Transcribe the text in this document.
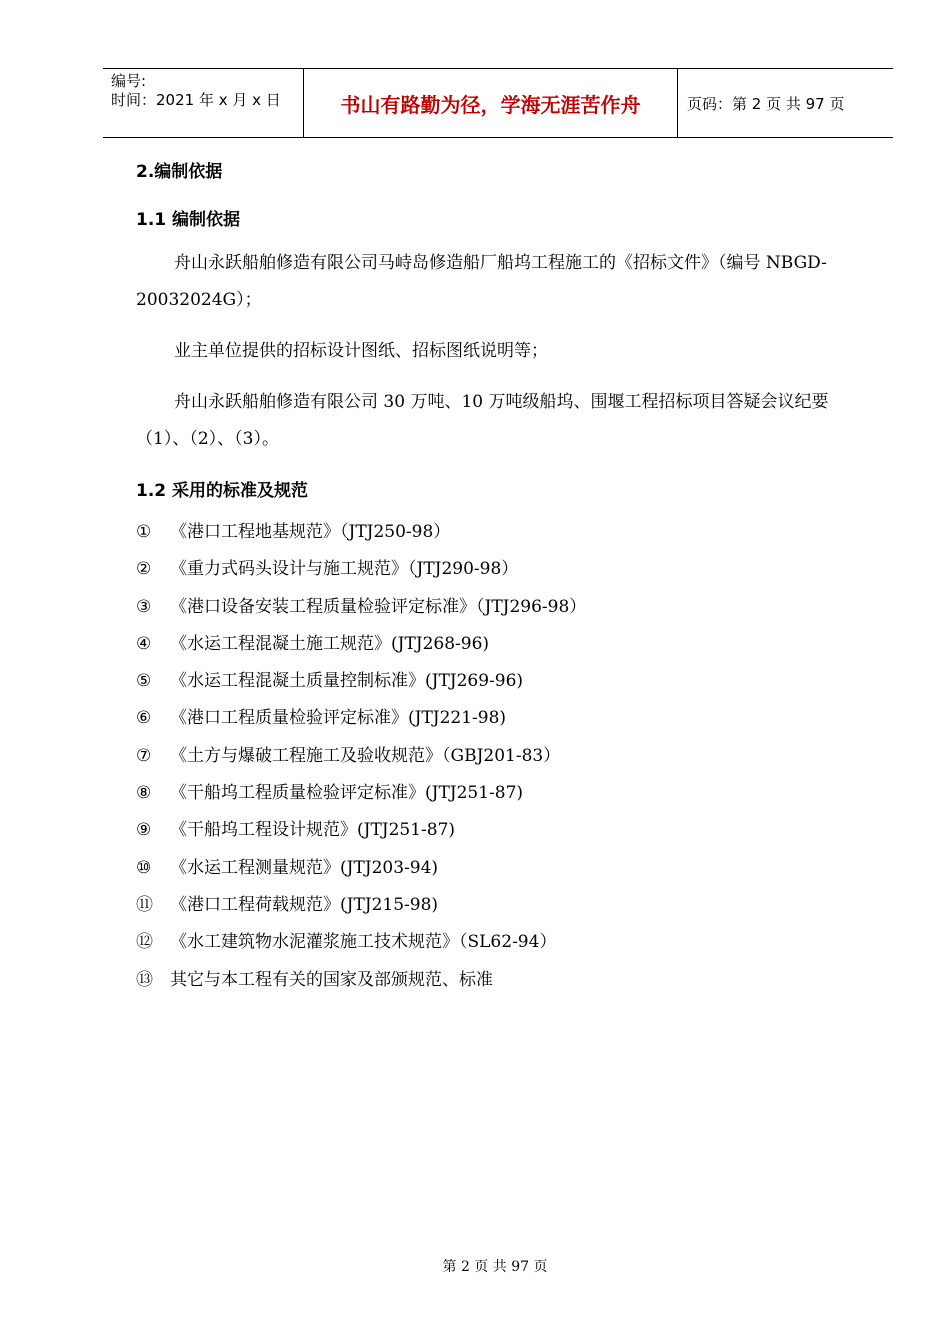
编号:
时间：2021 年 x 月 x 日	书山有路勤为径，学海无涯苦作舟	页码：第 2 页 共 97 页

2.编制依据

1.1 编制依据

舟山永跃船舶修造有限公司马峙岛修造船厂船坞工程施工的《招标文件》（编号 NBGD-20032024G）；

业主单位提供的招标设计图纸、招标图纸说明等；

舟山永跃船舶修造有限公司 30 万吨、10 万吨级船坞、围堰工程招标项目答疑会议纪要（1）、（2）、（3）。

1.2 采用的标准及规范

① 《港口工程地基规范》（JTJ250-98）

② 《重力式码头设计与施工规范》（JTJ290-98）

③ 《港口设备安装工程质量检验评定标准》（JTJ296-98）

④ 《水运工程混凝土施工规范》(JTJ268-96)

⑤ 《水运工程混凝土质量控制标准》(JTJ269-96)

⑥ 《港口工程质量检验评定标准》(JTJ221-98)

⑦ 《土方与爆破工程施工及验收规范》（GBJ201-83）

⑧ 《干船坞工程质量检验评定标准》(JTJ251-87)

⑨ 《干船坞工程设计规范》(JTJ251-87)

⑩ 《水运工程测量规范》(JTJ203-94)

⑪ 《港口工程荷载规范》(JTJ215-98)

⑫ 《水工建筑物水泥灌浆施工技术规范》（SL62-94）

⑬ 其它与本工程有关的国家及部颁规范、标准

第 2 页 共 97 页
